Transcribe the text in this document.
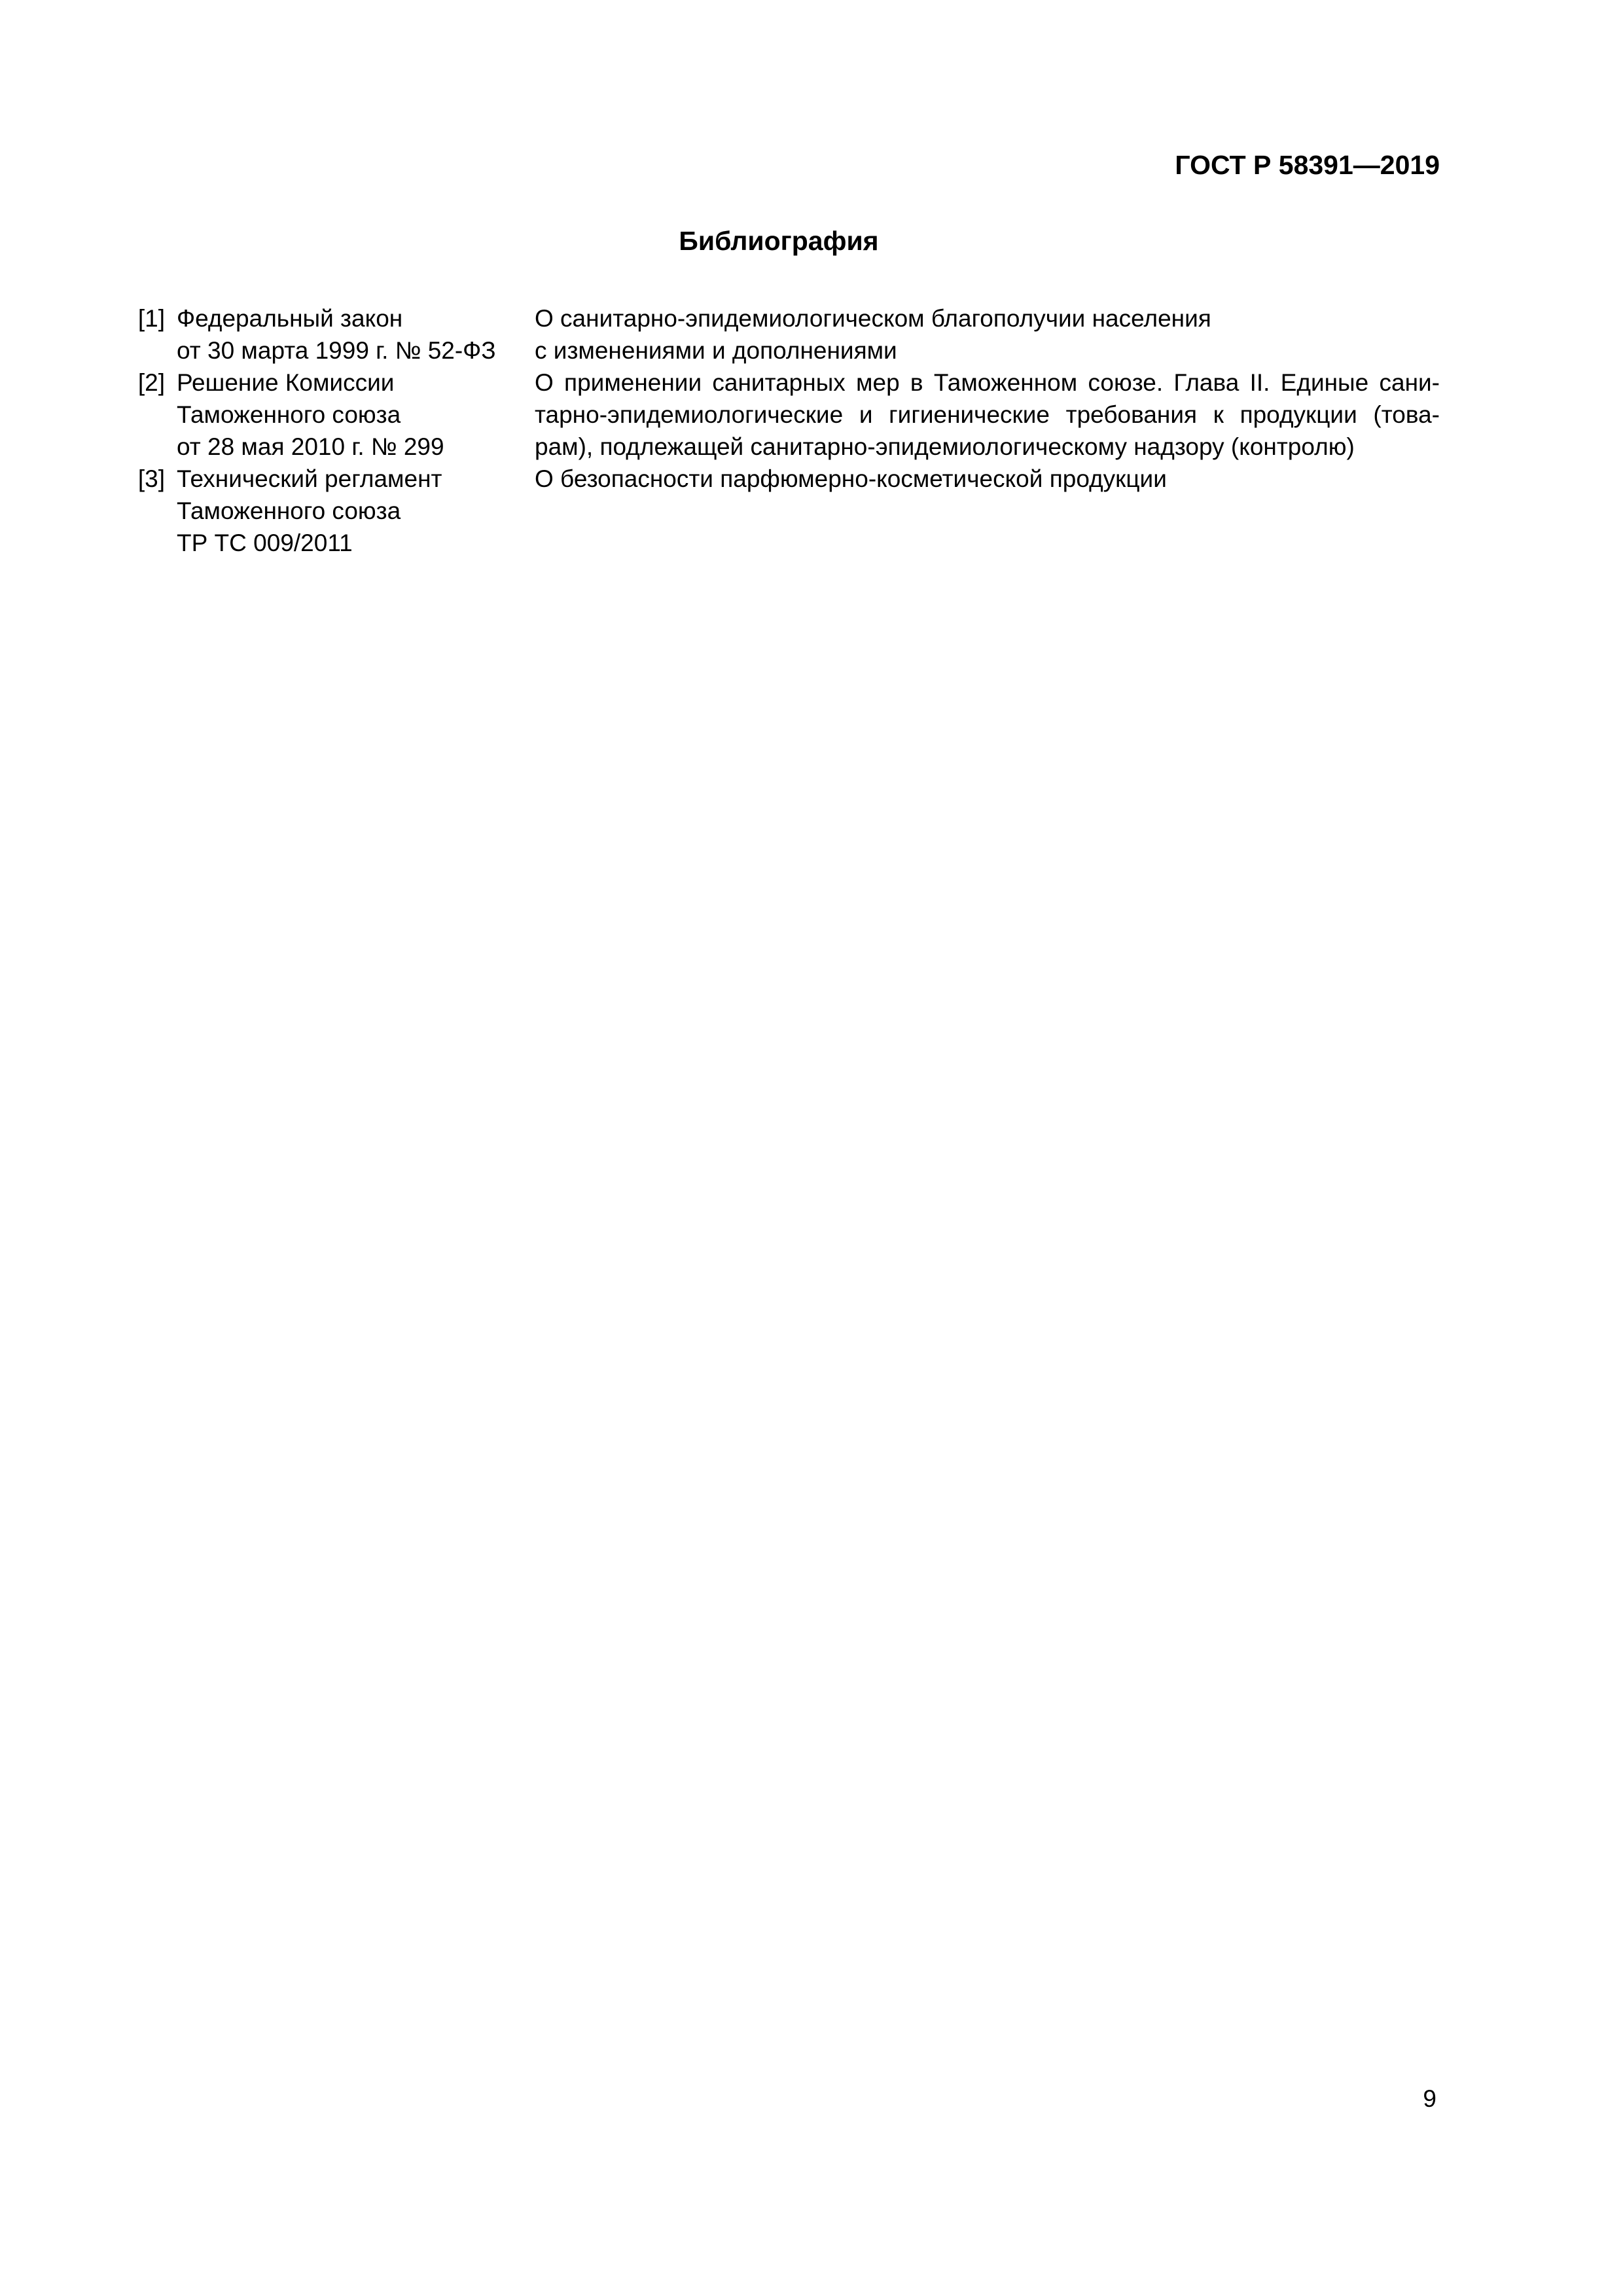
ГОСТ Р 58391—2019
Библиография
[1] Федеральный закон
от 30 марта 1999 г. № 52-ФЗ
О санитарно-эпидемиологическом благополучии населения
с изменениями и дополнениями
[2] Решение Комиссии
Таможенного союза
от 28 мая 2010 г. № 299
О применении санитарных мер в Таможенном союзе. Глава II. Единые сани-
тарно-эпидемиологические и гигиенические требования к продукции (това-
рам), подлежащей санитарно-эпидемиологическому надзору (контролю)
[3] Технический регламент
Таможенного союза
ТР ТС 009/2011
О безопасности парфюмерно-косметической продукции
9
